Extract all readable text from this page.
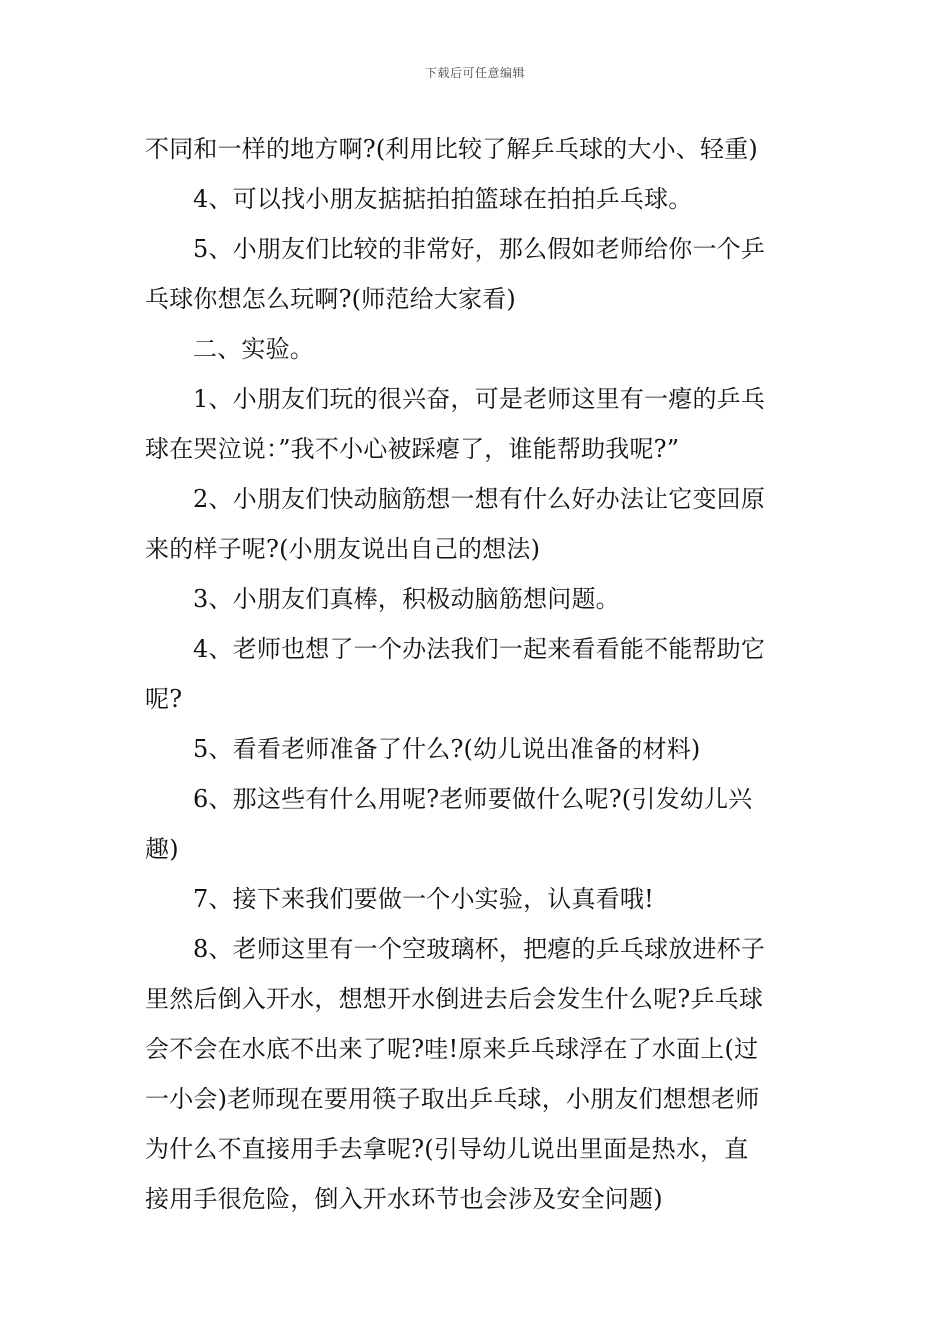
下载后可任意编辑
不同和一样的地方啊?(利用比较了解乒乓球的大小、轻重)
4、可以找小朋友掂掂拍拍篮球在拍拍乒乓球。
5、小朋友们比较的非常好，那么假如老师给你一个乒
乓球你想怎么玩啊?(师范给大家看)
二、实验。
1、小朋友们玩的很兴奋，可是老师这里有一瘪的乒乓
球在哭泣说：”我不小心被踩瘪了，谁能帮助我呢?”
2、小朋友们快动脑筋想一想有什么好办法让它变回原
来的样子呢?(小朋友说出自己的想法)
3、小朋友们真棒，积极动脑筋想问题。
4、老师也想了一个办法我们一起来看看能不能帮助它
呢?
5、看看老师准备了什么?(幼儿说出准备的材料)
6、那这些有什么用呢?老师要做什么呢?(引发幼儿兴
趣)
7、接下来我们要做一个小实验，认真看哦!
8、老师这里有一个空玻璃杯，把瘪的乒乓球放进杯子
里然后倒入开水，想想开水倒进去后会发生什么呢?乒乓球
会不会在水底不出来了呢?哇!原来乒乓球浮在了水面上(过
一小会)老师现在要用筷子取出乒乓球，小朋友们想想老师
为什么不直接用手去拿呢?(引导幼儿说出里面是热水，直
接用手很危险，倒入开水环节也会涉及安全问题)
